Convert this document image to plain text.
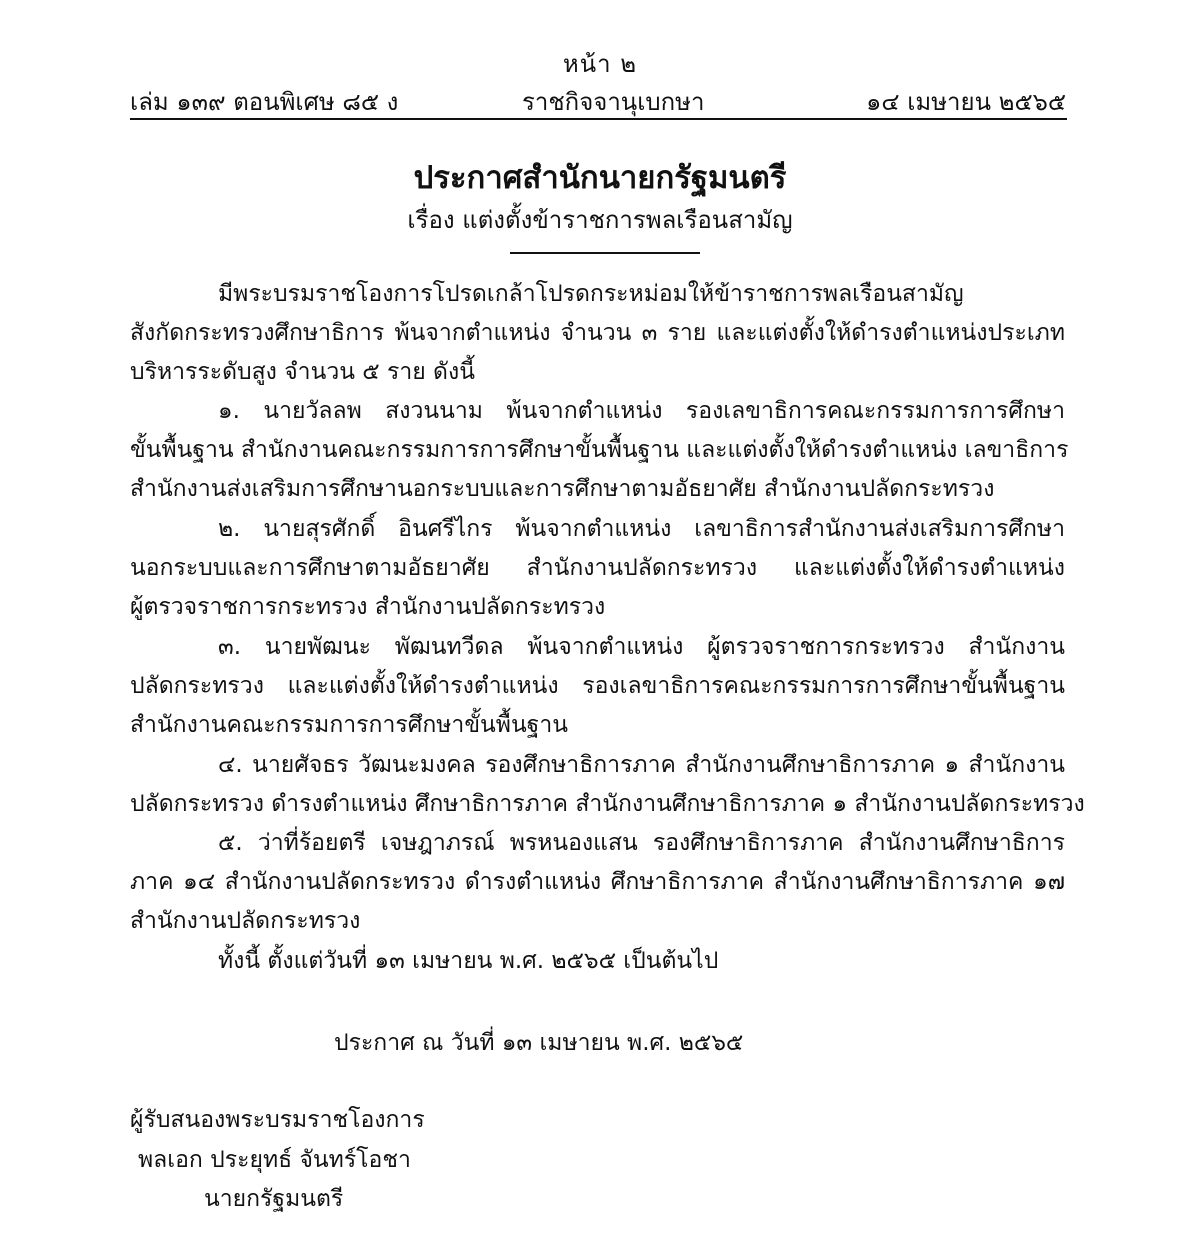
หน้า ๒
เล่ม ๑๓๙ ตอนพิเศษ ๘๕ ง	ราชกิจจานุเบกษา	๑๔ เมษายน ๒๕๖๕
ประกาศสำนักนายกรัฐมนตรี
เรื่อง แต่งตั้งข้าราชการพลเรือนสามัญ
มีพระบรมราชโองการโปรดเกล้าโปรดกระหม่อมให้ข้าราชการพลเรือนสามัญ
สังกัดกระทรวงศึกษาธิการ พ้นจากตำแหน่ง จำนวน ๓ ราย และแต่งตั้งให้ดำรงตำแหน่งประเภท
บริหารระดับสูง จำนวน ๕ ราย ดังนี้
๑. นายวัลลพ สงวนนาม พ้นจากตำแหน่ง รองเลขาธิการคณะกรรมการการศึกษา
ขั้นพื้นฐาน สำนักงานคณะกรรมการการศึกษาขั้นพื้นฐาน และแต่งตั้งให้ดำรงตำแหน่ง เลขาธิการ
สำนักงานส่งเสริมการศึกษานอกระบบและการศึกษาตามอัธยาศัย สำนักงานปลัดกระทรวง
๒. นายสุรศักดิ์ อินศรีไกร พ้นจากตำแหน่ง เลขาธิการสำนักงานส่งเสริมการศึกษา
นอกระบบและการศึกษาตามอัธยาศัย สำนักงานปลัดกระทรวง และแต่งตั้งให้ดำรงตำแหน่ง
ผู้ตรวจราชการกระทรวง สำนักงานปลัดกระทรวง
๓. นายพัฒนะ พัฒนทวีดล พ้นจากตำแหน่ง ผู้ตรวจราชการกระทรวง สำนักงาน
ปลัดกระทรวง และแต่งตั้งให้ดำรงตำแหน่ง รองเลขาธิการคณะกรรมการการศึกษาขั้นพื้นฐาน
สำนักงานคณะกรรมการการศึกษาขั้นพื้นฐาน
๔. นายศัจธร วัฒนะมงคล รองศึกษาธิการภาค สำนักงานศึกษาธิการภาค ๑ สำนักงาน
ปลัดกระทรวง ดำรงตำแหน่ง ศึกษาธิการภาค สำนักงานศึกษาธิการภาค ๑ สำนักงานปลัดกระทรวง
๕. ว่าที่ร้อยตรี เจษฎาภรณ์ พรหนองแสน รองศึกษาธิการภาค สำนักงานศึกษาธิการ
ภาค ๑๔ สำนักงานปลัดกระทรวง ดำรงตำแหน่ง ศึกษาธิการภาค สำนักงานศึกษาธิการภาค ๑๗
สำนักงานปลัดกระทรวง
ทั้งนี้ ตั้งแต่วันที่ ๑๓ เมษายน พ.ศ. ๒๕๖๕ เป็นต้นไป
ประกาศ ณ วันที่ ๑๓ เมษายน พ.ศ. ๒๕๖๕
ผู้รับสนองพระบรมราชโองการ
พลเอก ประยุทธ์ จันทร์โอชา
นายกรัฐมนตรี
